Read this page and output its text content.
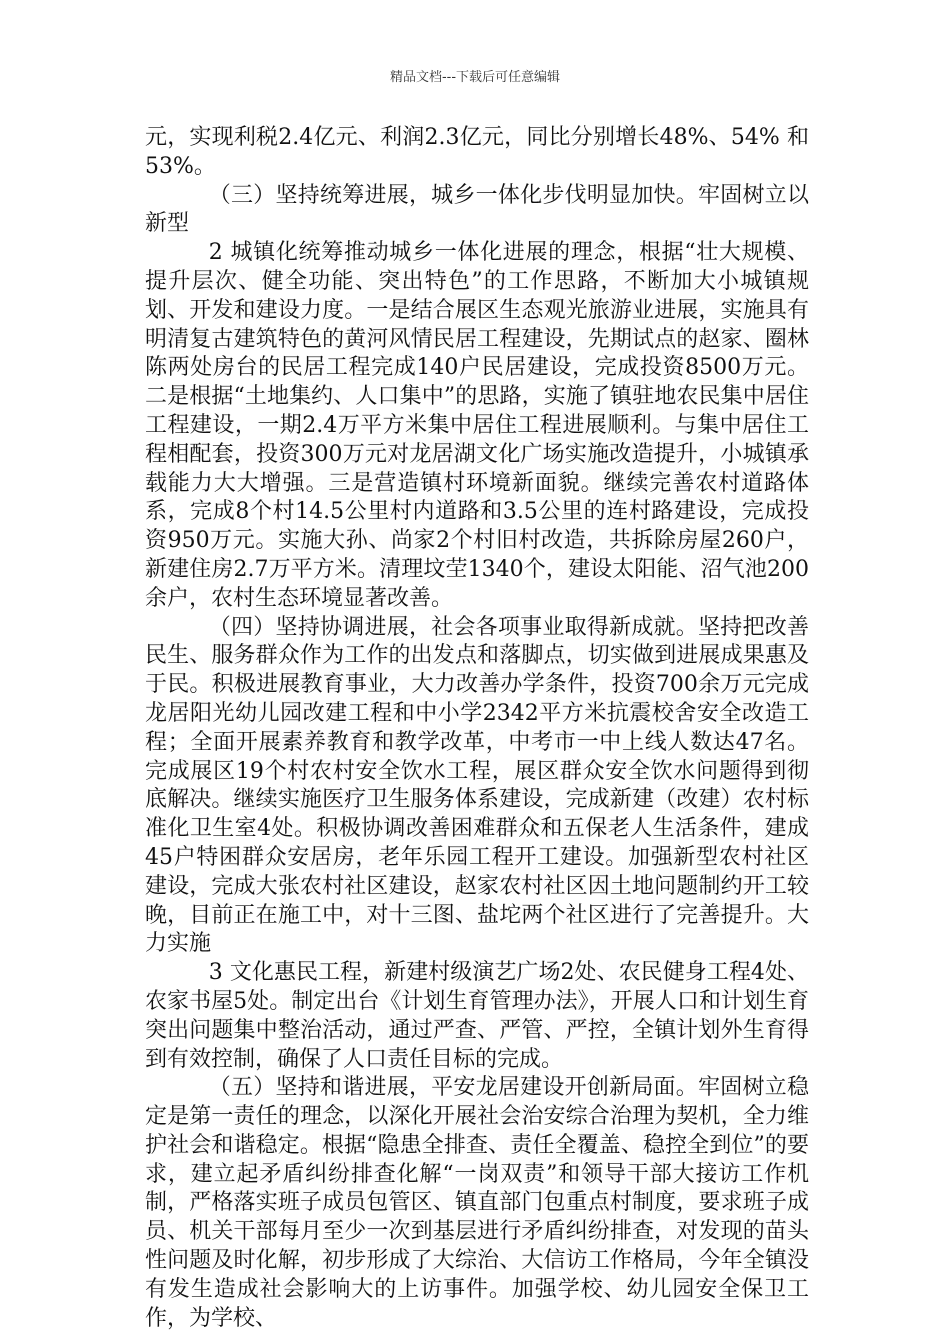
精品文档---下载后可任意编辑

元，实现利税2.4亿元、利润2.3亿元，同比分别增长48%、54% 和53%。

（三）坚持统筹进展，城乡一体化步伐明显加快。牢固树立以新型

2 城镇化统筹推动城乡一体化进展的理念，根据“壮大规模、提升层次、健全功能、突出特色”的工作思路，不断加大小城镇规划、开发和建设力度。一是结合展区生态观光旅游业进展，实施具有明清复古建筑特色的黄河风情民居工程建设，先期试点的赵家、圈林陈两处房台的民居工程完成140户民居建设，完成投资8500万元。二是根据“土地集约、人口集中”的思路，实施了镇驻地农民集中居住工程建设，一期2.4万平方米集中居住工程进展顺利。与集中居住工程相配套，投资300万元对龙居湖文化广场实施改造提升，小城镇承载能力大大增强。三是营造镇村环境新面貌。继续完善农村道路体系，完成8个村14.5公里村内道路和3.5公里的连村路建设，完成投资950万元。实施大孙、尚家2个村旧村改造，共拆除房屋260户，新建住房2.7万平方米。清理坟茔1340个，建设太阳能、沼气池200余户，农村生态环境显著改善。

（四）坚持协调进展，社会各项事业取得新成就。坚持把改善民生、服务群众作为工作的出发点和落脚点，切实做到进展成果惠及于民。积极进展教育事业，大力改善办学条件，投资700余万元完成龙居阳光幼儿园改建工程和中小学2342平方米抗震校舍安全改造工程；全面开展素养教育和教学改革，中考市一中上线人数达47名。完成展区19个村农村安全饮水工程，展区群众安全饮水问题得到彻底解决。继续实施医疗卫生服务体系建设，完成新建（改建）农村标准化卫生室4处。积极协调改善困难群众和五保老人生活条件，建成45户特困群众安居房，老年乐园工程开工建设。加强新型农村社区建设，完成大张农村社区建设，赵家农村社区因土地问题制约开工较晚，目前正在施工中，对十三图、盐坨两个社区进行了完善提升。大力实施

3 文化惠民工程，新建村级演艺广场2处、农民健身工程4处、农家书屋5处。制定出台《计划生育管理办法》，开展人口和计划生育突出问题集中整治活动，通过严查、严管、严控，全镇计划外生育得到有效控制，确保了人口责任目标的完成。

（五）坚持和谐进展，平安龙居建设开创新局面。牢固树立稳定是第一责任的理念，以深化开展社会治安综合治理为契机，全力维护社会和谐稳定。根据“隐患全排查、责任全覆盖、稳控全到位”的要求，建立起矛盾纠纷排查化解“一岗双责”和领导干部大接访工作机制，严格落实班子成员包管区、镇直部门包重点村制度，要求班子成员、机关干部每月至少一次到基层进行矛盾纠纷排查，对发现的苗头性问题及时化解，初步形成了大综治、大信访工作格局，今年全镇没有发生造成社会影响大的上访事件。加强学校、幼儿园安全保卫工作，为学校、
